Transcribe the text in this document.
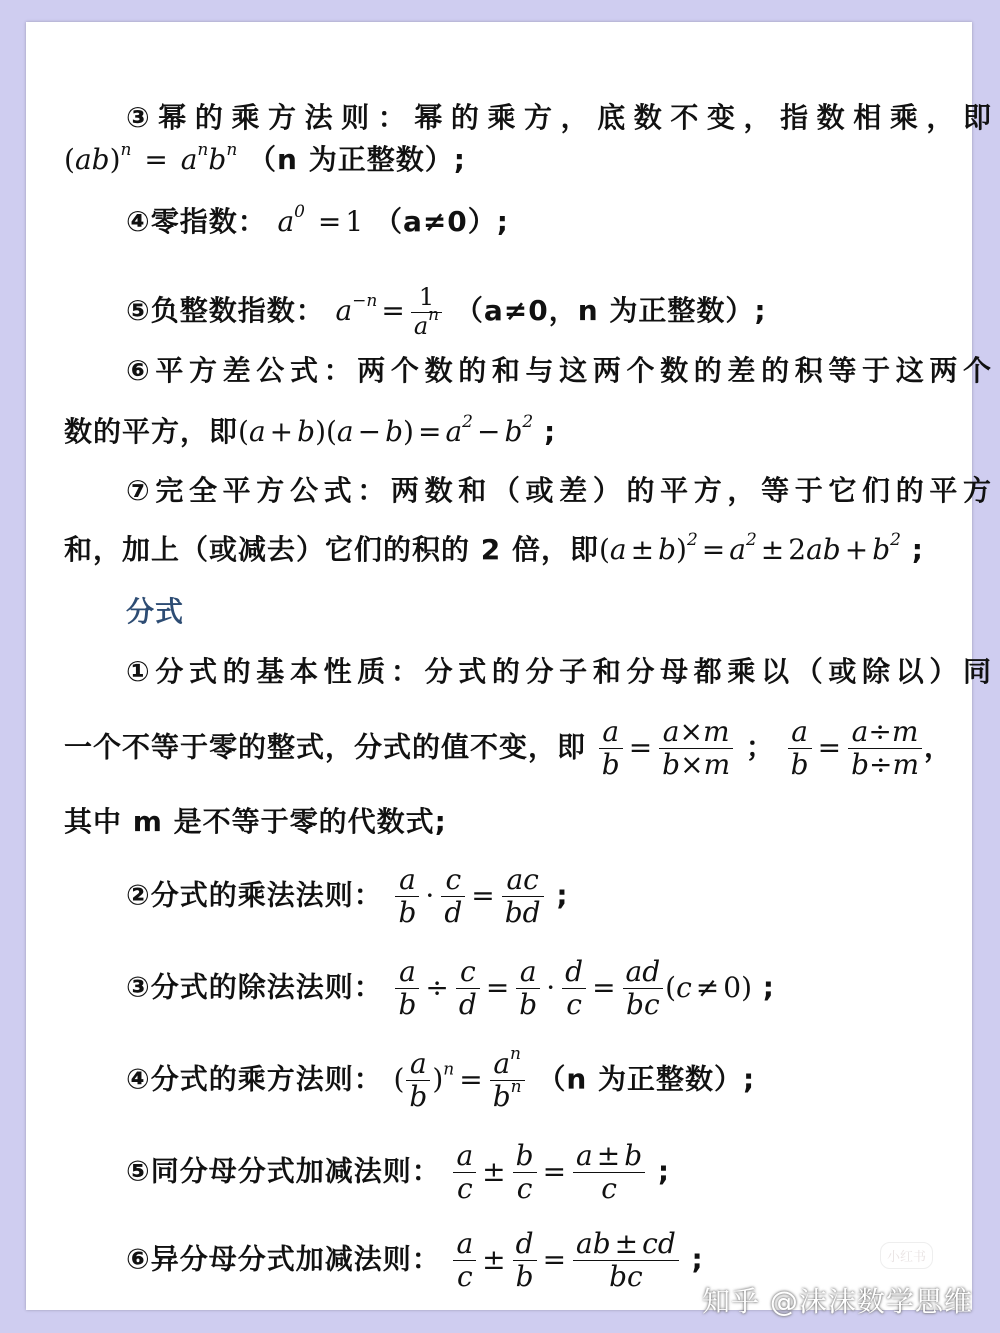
③幂的乘方法则：幂的乘方，底数不变，指数相乘，即
$(ab)^n = a^nb^n$ （n 为正整数）;
④零指数： $a^0 = 1$ （a≠0）;
⑤负整数指数： $a^{-n} = \frac{1}{a^n} (a\ne 0$，n 为正整数）;
⑥平方差公式：两个数的和与这两个数的差的积等于这两个
数的平方，即$(a + b)(a - b) = a^2 - b^2$ ;
⑦完全平方公式：两数和（或差）的平方，等于它们的平方
和，加上（或减去）它们的积的 2 倍，即$(a \pm b)^2 = a^2 \pm 2ab + b^2$ ;
分式
①分式的基本性质：分式的分子和分母都乘以（或除以）同
一个不等于零的整式，分式的值不变，即 $\frac{a}{b} = \frac{a\times m}{b\times m}$ ； $\frac{a}{b} = \frac{a\div m}{b\div m}$ ，
其中 m 是不等于零的代数式;
②分式的乘法法则： $\frac{a}{b} \cdot \frac{c}{d} = \frac{ac}{bd}$ ;
③分式的除法法则： $\frac{a}{b} \div \frac{c}{d} = \frac{a}{b} \cdot \frac{d}{c} = \frac{ad}{bc} (c \ne 0)$ ;
④分式的乘方法则： ( $\frac{a}{b} )^n = \frac{a^n}{b^n} (n$ 为正整数）;
⑤同分母分式加减法则： $\frac{a}{c} \pm \frac{b}{c} = \frac{a \pm b}{c}$ ;
⑥异分母分式加减法则： $\frac{a}{c} \pm \frac{d}{b} = \frac{ab \pm cd}{bc}$ ;	小红书
知乎 @沫沫数学思维
